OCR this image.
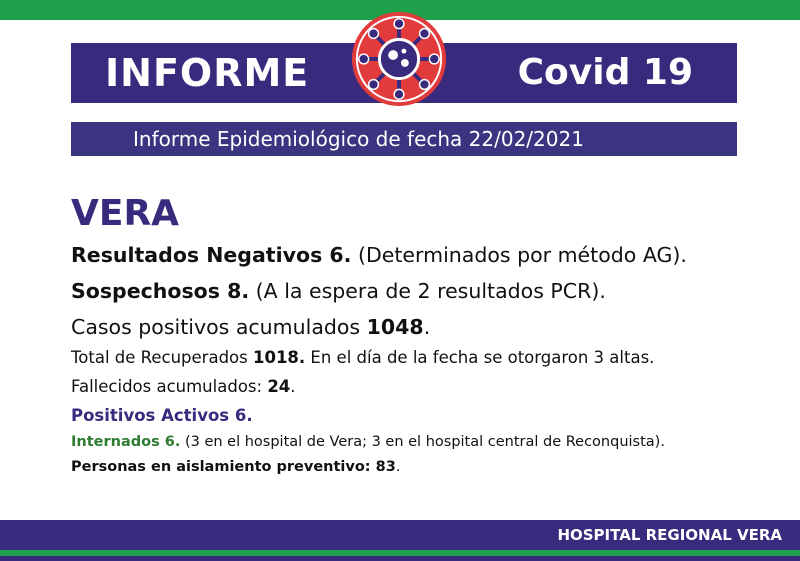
INFORME	Covid 19
Informe Epidemiológico de fecha 22/02/2021
VERA
Resultados Negativos 6. (Determinados por método AG).
Sospechosos 8. (A la espera de 2 resultados PCR).
Casos positivos acumulados 1048.
Total de Recuperados 1018. En el día de la fecha se otorgaron 3 altas.
Fallecidos acumulados: 24.
Positivos Activos 6.
Internados 6. (3 en el hospital de Vera; 3 en el hospital central de Reconquista).
Personas en aislamiento preventivo: 83.
HOSPITAL REGIONAL VERA
